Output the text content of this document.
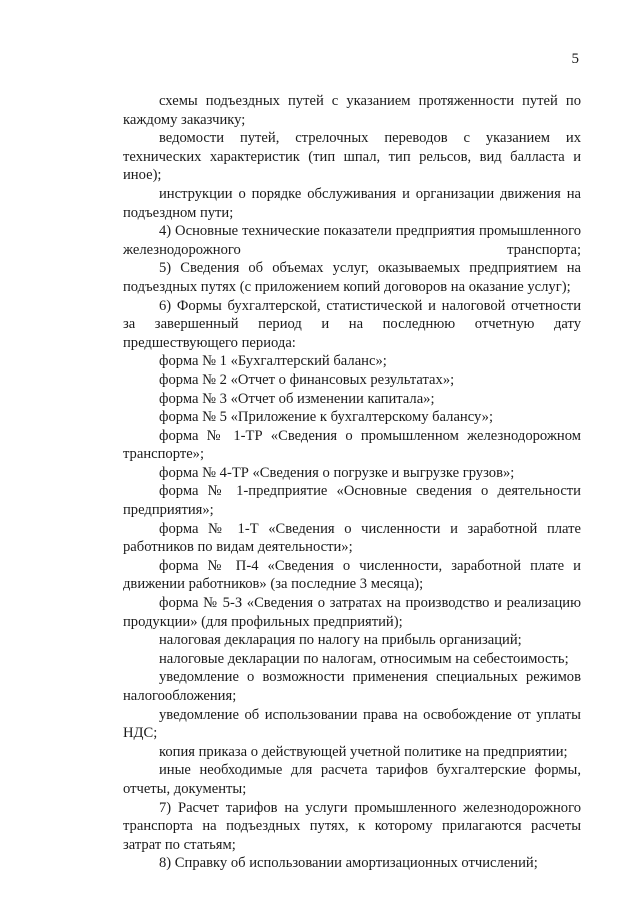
5

схемы подъездных путей с указанием протяженности путей по каждому заказчику;

ведомости путей, стрелочных переводов с указанием их технических характеристик (тип шпал, тип рельсов, вид балласта и иное);

инструкции о порядке обслуживания и организации движения на подъездном пути;

4) Основные технические показатели предприятия промышленного железнодорожного транспорта;

5) Сведения об объемах услуг, оказываемых предприятием на подъездных путях (с приложением копий договоров на оказание услуг);

6) Формы бухгалтерской, статистической и налоговой отчетности за завершенный период и на последнюю отчетную дату предшествующего периода:

форма № 1 «Бухгалтерский баланс»;

форма № 2 «Отчет о финансовых результатах»;

форма № 3 «Отчет об изменении капитала»;

форма № 5 «Приложение к бухгалтерскому балансу»;

форма № 1-ТР «Сведения о промышленном железнодорожном транспорте»;

форма № 4-ТР «Сведения о погрузке и выгрузке грузов»;

форма № 1-предприятие «Основные сведения о деятельности предприятия»;

форма № 1-Т «Сведения о численности и заработной плате работников по видам деятельности»;

форма № П-4 «Сведения о численности, заработной плате и движении работников» (за последние 3 месяца);

форма № 5-З «Сведения о затратах на производство и реализацию продукции» (для профильных предприятий);

налоговая декларация по налогу на прибыль организаций;

налоговые декларации по налогам, относимым на себестоимость;

уведомление о возможности применения специальных режимов налогообложения;

уведомление об использовании права на освобождение от уплаты НДС;

копия приказа о действующей учетной политике на предприятии;

иные необходимые для расчета тарифов бухгалтерские формы, отчеты, документы;

7) Расчет тарифов на услуги промышленного железнодорожного транспорта на подъездных путях, к которому прилагаются расчеты затрат по статьям;

8) Справку об использовании амортизационных отчислений;
